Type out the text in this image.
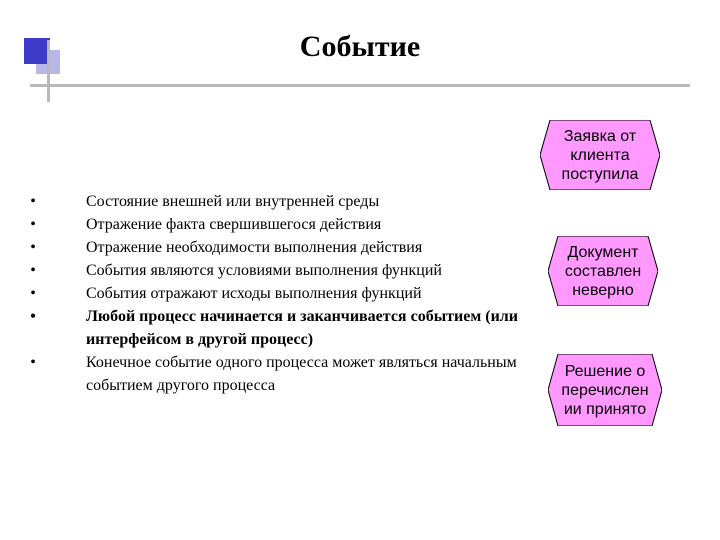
Событие
•	Состояние внешней или внутренней среды
•	Отражение факта свершившегося действия
•	Отражение необходимости выполнения действия
•	События являются условиями выполнения функций
•	События отражают исходы выполнения функций
•	Любой процесс начинается и заканчивается событием (или интерфейсом в другой процесс)
•	Конечное событие одного процесса может являться начальным событием другого процесса
Заявка от
клиента
поступила
Документ
составлен
неверно
Решение о
перечислен
ии принято
